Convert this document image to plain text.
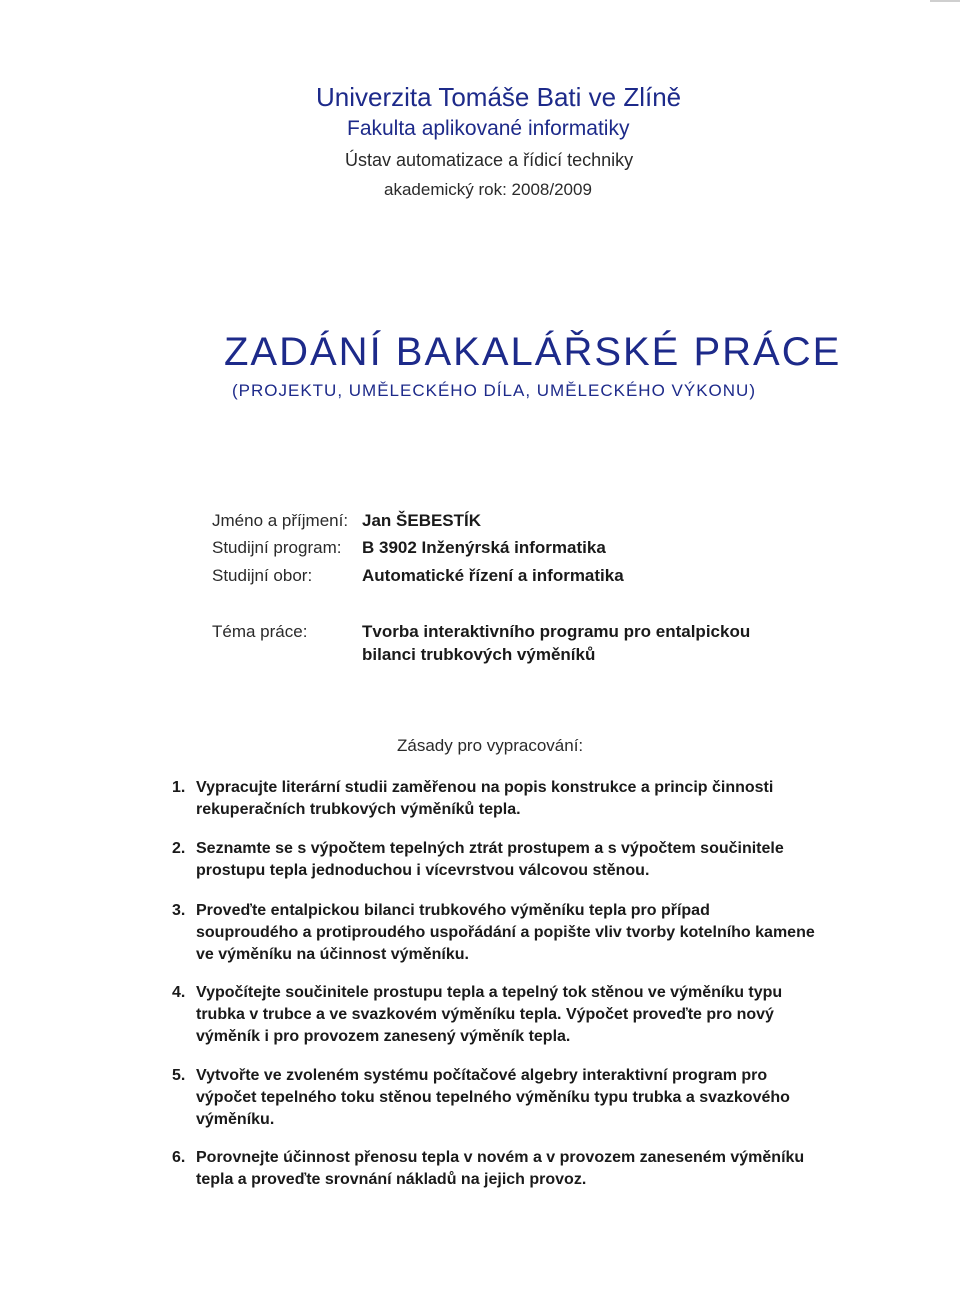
Univerzita Tomáše Bati ve Zlíně
Fakulta aplikované informatiky
Ústav automatizace a řídicí techniky
akademický rok: 2008/2009
ZADÁNÍ BAKALÁŘSKÉ PRÁCE
(PROJEKTU, UMĚLECKÉHO DÍLA, UMĚLECKÉHO VÝKONU)
Jméno a příjmení: Jan ŠEBESTÍK
Studijní program: B 3902 Inženýrská informatika
Studijní obor:	Automatické řízení a informatika
Téma práce:	Tvorba interaktivního programu pro entalpickou
bilanci trubkových výměníků
Zásady pro vypracování:
1. Vypracujte literární studii zaměřenou na popis konstrukce a princip činnosti rekuperačních trubkových výměníků tepla.
2. Seznamte se s výpočtem tepelných ztrát prostupem a s výpočtem součinitele prostupu tepla jednoduchou i vícevrstvou válcovou stěnou.
3. Proveďte entalpickou bilanci trubkového výměníku tepla pro případ souproudého a protiproudého uspořádání a popište vliv tvorby kotelního kamene ve výměníku na účinnost výměníku.
4. Vypočítejte součinitele prostupu tepla a tepelný tok stěnou ve výměníku typu trubka v trubce a ve svazkovém výměníku tepla. Výpočet proveďte pro nový výměník i pro provozem zanesený výměník tepla.
5. Vytvořte ve zvoleném systému počítačové algebry interaktivní program pro výpočet tepelného toku stěnou tepelného výměníku typu trubka a svazkového výměníku.
6. Porovnejte účinnost přenosu tepla v novém a v provozem zaneseném výměníku tepla a proveďte srovnání nákladů na jejich provoz.
